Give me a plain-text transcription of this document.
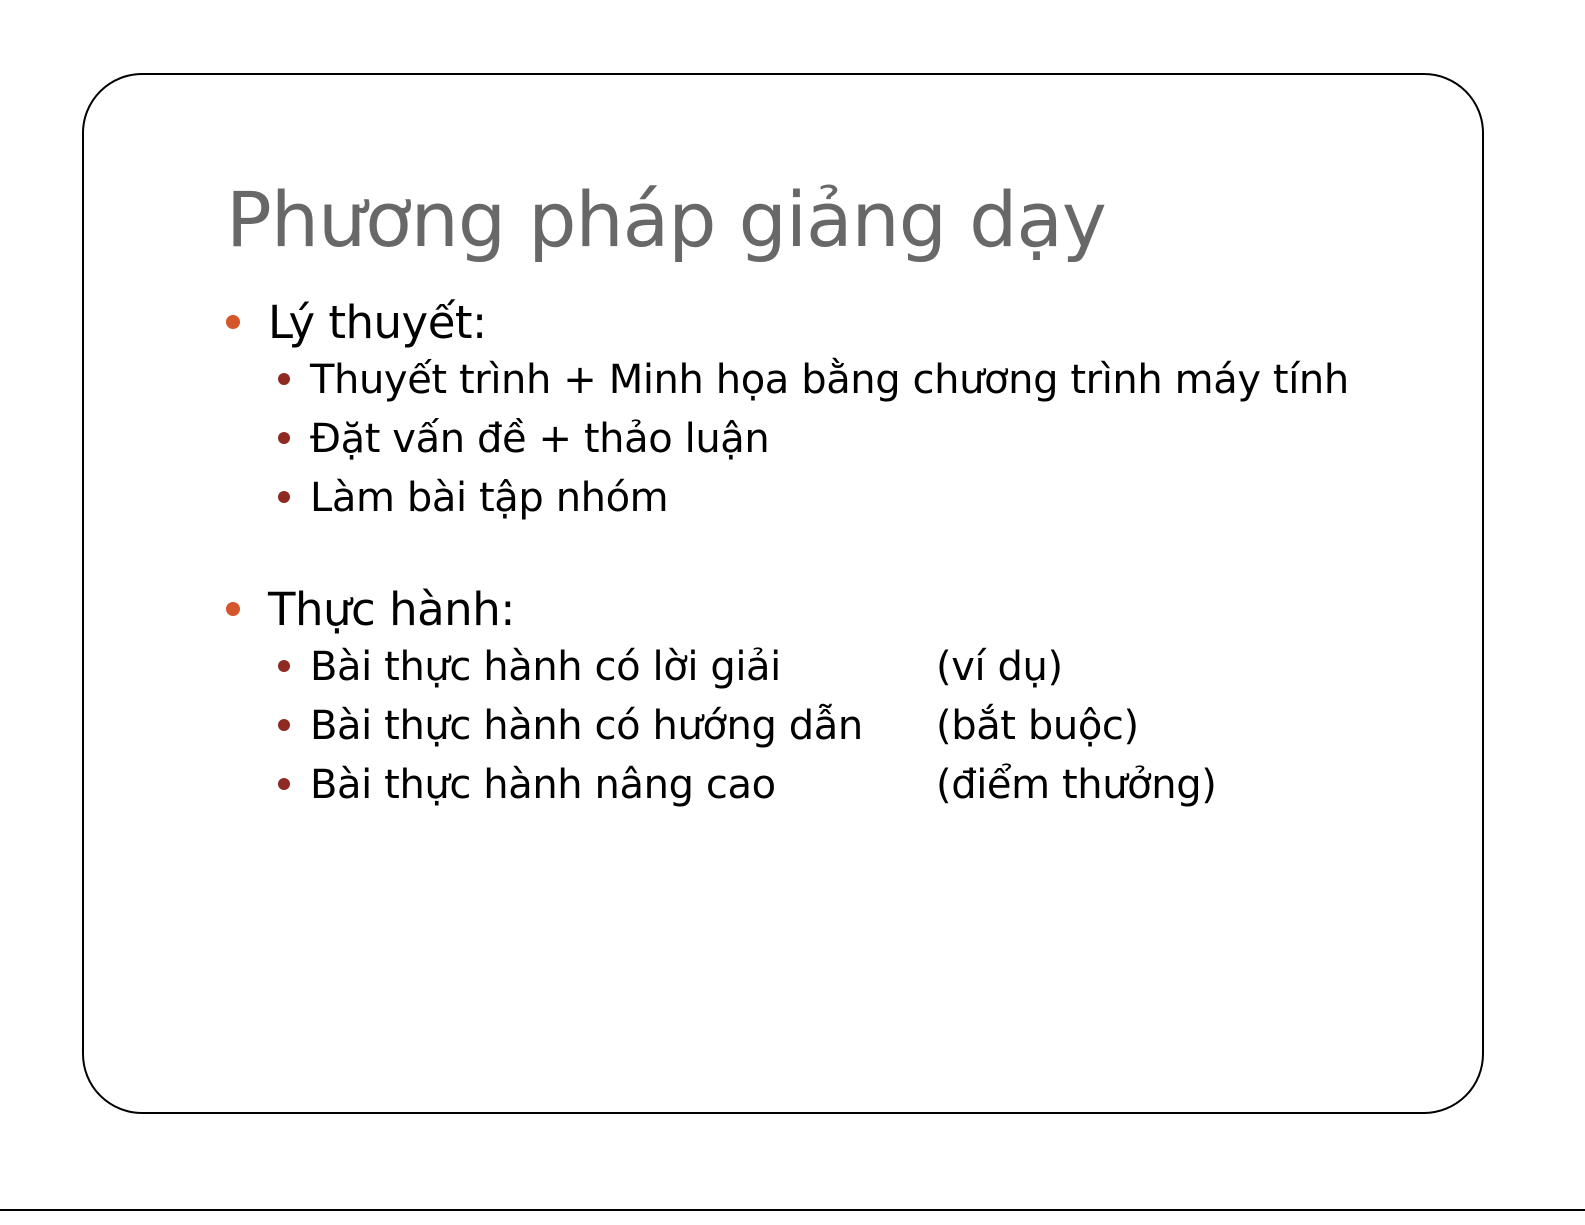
Phương pháp giảng dạy
Lý thuyết:
Thuyết trình + Minh họa bằng chương trình máy tính
Đặt vấn đề + thảo luận
Làm bài tập nhóm
Thực hành:
Bài thực hành có lời giải	(ví dụ)
Bài thực hành có hướng dẫn	(bắt buộc)
Bài thực hành nâng cao	(điểm thưởng)
